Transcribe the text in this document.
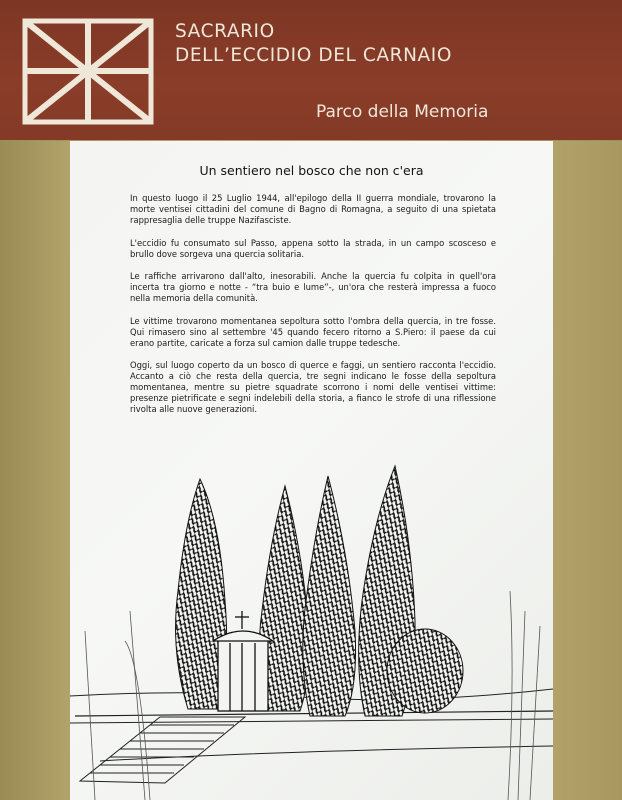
SACRARIO
DELL’ECCIDIO DEL CARNAIO
Parco della Memoria
Un sentiero nel bosco che non c'era

In questo luogo il 25 Luglio 1944, all'epilogo della II guerra mondiale, trovarono la morte ventisei cittadini del comune di Bagno di Romagna, a seguito di una spietata rappresaglia delle truppe Nazifasciste.

L'eccidio fu consumato sul Passo, appena sotto la strada, in un campo scosceso e brullo dove sorgeva una quercia solitaria.

Le raffiche arrivarono dall'alto, inesorabili. Anche la quercia fu colpita in quell'ora incerta tra giorno e notte - “tra buio e lume”-, un'ora che resterà impressa a fuoco nella memoria della comunità.

Le vittime trovarono momentanea sepoltura sotto l'ombra della quercia, in tre fosse. Qui rimasero sino al settembre '45 quando fecero ritorno a S.Piero: il paese da cui erano partite, caricate a forza sul camion dalle truppe tedesche.

Oggi, sul luogo coperto da un bosco di querce e faggi, un sentiero racconta l'eccidio. Accanto a ciò che resta della quercia, tre segni indicano le fosse della sepoltura momentanea, mentre su pietre squadrate scorrono i nomi delle ventisei vittime: presenze pietrificate e segni indelebili della storia, a fianco le strofe di una riflessione rivolta alle nuove generazioni.
